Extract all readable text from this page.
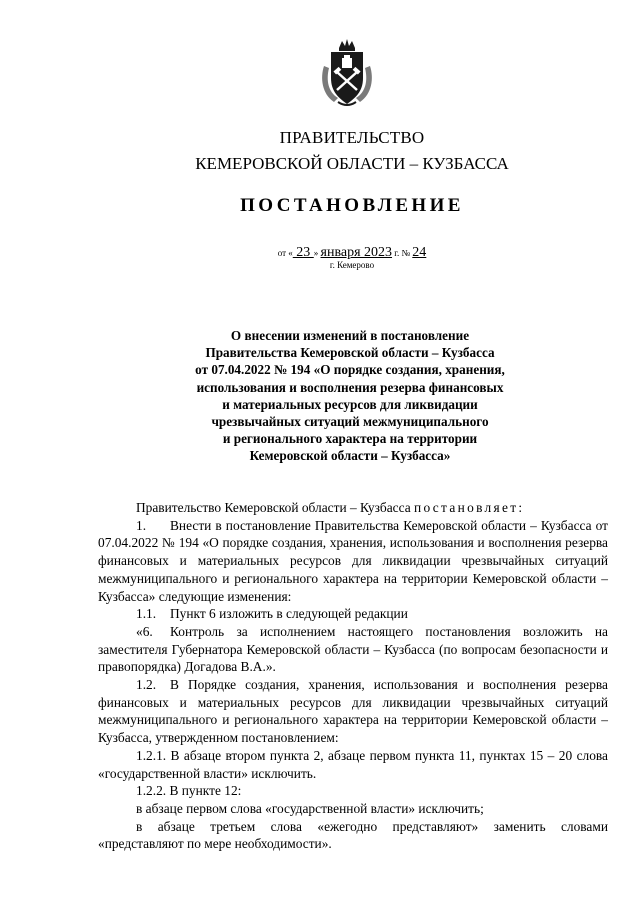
ПРАВИТЕЛЬСТВО
КЕМЕРОВСКОЙ ОБЛАСТИ – КУЗБАССА
ПОСТАНОВЛЕНИЕ
от « 23 » января 2023 г. № 24
г. Кемерово
О внесении изменений в постановление
Правительства Кемеровской области – Кузбасса
от 07.04.2022 № 194 «О порядке создания, хранения,
использования и восполнения резерва финансовых
и материальных ресурсов для ликвидации
чрезвычайных ситуаций межмуниципального
и регионального характера на территории
Кемеровской области – Кузбасса»

Правительство Кемеровской области – Кузбасса постановляет:

1. Внести в постановление Правительства Кемеровской области – Кузбасса от 07.04.2022 № 194 «О порядке создания, хранения, использования и восполнения резерва финансовых и материальных ресурсов для ликвидации чрезвычайных ситуаций межмуниципального и регионального характера на территории Кемеровской области – Кузбасса» следующие изменения:

1.1. Пункт 6 изложить в следующей редакции

«6. Контроль за исполнением настоящего постановления возложить на заместителя Губернатора Кемеровской области – Кузбасса (по вопросам безопасности и правопорядка) Догадова В.А.».

1.2. В Порядке создания, хранения, использования и восполнения резерва финансовых и материальных ресурсов для ликвидации чрезвычайных ситуаций межмуниципального и регионального характера на территории Кемеровской области – Кузбасса, утвержденном постановлением:

1.2.1. В абзаце втором пункта 2, абзаце первом пункта 11, пунктах 15 – 20 слова «государственной власти» исключить.

1.2.2. В пункте 12:

в абзаце первом слова «государственной власти» исключить;

в абзаце третьем слова «ежегодно представляют» заменить словами «представляют по мере необходимости».
